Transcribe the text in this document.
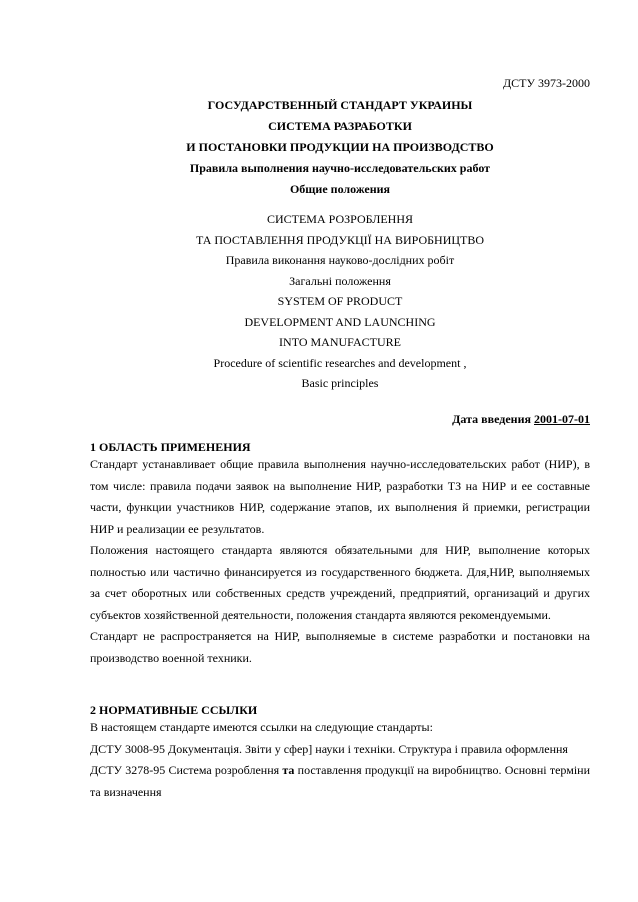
ДСТУ 3973-2000
ГОСУДАРСТВЕННЫЙ СТАНДАРТ УКРАИНЫ
СИСТЕМА РАЗРАБОТКИ
И ПОСТАНОВКИ ПРОДУКЦИИ НА ПРОИЗВОДСТВО
Правила выполнения научно-исследовательских работ
Общие положения
СИСТЕМА РОЗРОБЛЕННЯ
ТА ПОСТАВЛЕННЯ ПРОДУКЦІЇ НА ВИРОБНИЦТВО
Правила виконання науково-дослідних робіт
Загальні положення
SYSTEM OF PRODUCT
DEVELOPMENT AND LAUNCHING
INTO MANUFACTURE
Procedure of scientific researches and development ,
Basic principles
Дата введения 2001-07-01
1 ОБЛАСТЬ ПРИМЕНЕНИЯ

Стандарт устанавливает общие правила выполнения научно-исследовательских работ (НИР), в том числе: правила подачи заявок на выполнение НИР, разработки ТЗ на НИР и ее составные части, функции участников НИР, содержание этапов, их выполнения й приемки, регистрации НИР и реализации ее результатов.

Положения настоящего стандарта являются обязательными для НИР, выполнение которых полностью или частично финансируется из государственного бюджета. Для,НИР, выполняемых за счет оборотных или собственных средств учреждений, предприятий, организаций и других субъектов хозяйственной деятельности, положения стандарта являются рекомендуемыми.

Стандарт не распространяется на НИР, выполняемые в системе разработки и постановки на производство военной техники.

2 НОРМАТИВНЫЕ ССЫЛКИ

В настоящем стандарте имеются ссылки на следующие стандарты:

ДСТУ 3008-95 Документація. Звіти у сфер] науки і техніки. Структура і правила оформлення

ДСТУ 3278-95 Система розроблення та поставлення продукції на виробництво. Основні терміни та визначення
